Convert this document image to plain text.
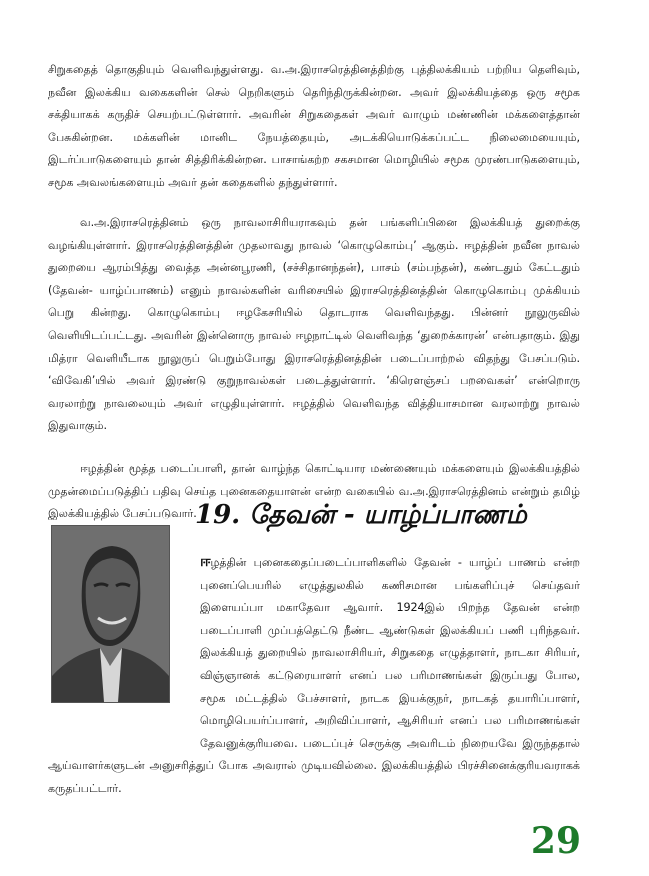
சிறுகதைத் தொகுதியும் வெளிவந்துள்ளது. வ.அ.இராசரெத்தினத்திற்கு புத்திலக்கியம் பற்றிய தெளிவும், நவீன இலக்கிய வகைகளின் செல் நெறிகளும் தெரிந்திருக்கின்றன. அவர் இலக்கியத்தை ஒரு சமூக சக்தியாகக் கருதிச் செயற்பட்டுள்ளார். அவரின் சிறுகதைகள் அவர் வாழும் மண்ணின் மக்களைத்தான் பேசுகின்றன. மக்களின் மானிட நேயத்தையும், அடக்கியொடுக்கப்பட்ட நிலைமையையும், இடர்ப்பாடுகளையும் தான் சித்திரிக்கின்றன. பாசாங்கற்ற சகசமான மொழியில் சமூக முரண்பாடுகளையும், சமூக அவலங்களையும் அவர் தன் கதைகளில் தந்துள்ளார்.

வ.அ.இராசரெத்தினம் ஒரு நாவலாசிரியராகவும் தன் பங்களிப்பினை இலக்கியத் துறைக்கு வழங்கியுள்ளார். இராசரெத்தினத்தின் முதலாவது நாவல் ‘கொழுகொம்பு’ ஆகும். ஈழத்தின் நவீன நாவல் துறையை ஆரம்பித்து வைத்த அன்னபூரணி, (சச்சிதானந்தன்), பாசம் (சம்பந்தன்), கண்டதும் கேட்டதும் (தேவன்- யாழ்ப்பாணம்) எனும் நாவல்களின் வரிசையில் இராசரெத்தினத்தின் கொழுகொம்பு முக்கியம் பெறு கின்றது. கொழுகொம்பு ஈழகேசரியில் தொடராக வெளிவந்தது. பின்னர் நூலுருவில் வெளியிடப்பட்டது. அவரின் இன்னொரு நாவல் ஈழநாட்டில் வெளிவந்த ‘துறைக்காரன்’ என்பதாகும். இது மித்ரா வெளியீடாக நூலுருப் பெறும்போது இராசரெத்தினத்தின் படைப்பாற்றல் விதந்து பேசப்படும். ‘விவேகி’யில் அவர் இரண்டு குறுநாவல்கள் படைத்துள்ளார். ‘கிரௌஞ்சப் பறவைகள்’ என்றொரு வரலாற்று நாவலையும் அவர் எழுதியுள்ளார். ஈழத்தில் வெளிவந்த வித்தியாசமான வரலாற்று நாவல் இதுவாகும்.

ஈழத்தின் மூத்த படைப்பாளி, தான் வாழ்ந்த கொட்டியார மண்ணையும் மக்களையும் இலக்கியத்தில் முதன்மைப்படுத்திப் பதிவு செய்த புனைகதையாளன் என்ற வகையில் வ.அ.இராசரெத்தினம் என்றும் தமிழ் இலக்கியத்தில் பேசப்படுவார்.

19. தேவன் - யாழ்ப்பாணம்

ஈழத்தின் புனைகதைப்படைப்பாளிகளில் தேவன் - யாழ்ப் பாணம் என்ற புனைப்பெயரில் எழுத்துலகில் கணிசமான பங்களிப்புச் செய்தவர் இளையப்பா மகாதேவா ஆவார். 1924இல் பிறந்த தேவன் என்ற படைப்பாளி முப்பத்தெட்டு நீண்ட ஆண்டுகள் இலக்கியப் பணி புரிந்தவர். இலக்கியத் துறையில் நாவலாசிரியர், சிறுகதை எழுத்தாளர், நாடகா சிரியர், விஞ்ஞானக் கட்டுரையாளர் எனப் பல பரிமாணங்கள் இருப்பது போல, சமூக மட்டத்தில் பேச்சாளர், நாடக இயக்குநர், நாடகத் தயாரிப்பாளர், மொழிபெயர்ப்பாளர், அறிவிப்பாளர், ஆசிரியர் எனப் பல பரிமாணங்கள் தேவனுக்குரியவை. படைப்புச் செருக்கு அவரிடம் நிறையவே இருந்ததால் ஆய்வாளர்களுடன் அனுசரித்துப் போக அவரால் முடியவில்லை. இலக்கியத்தில் பிரச்சினைக்குரியவராகக் கருதப்பட்டார்.

29
